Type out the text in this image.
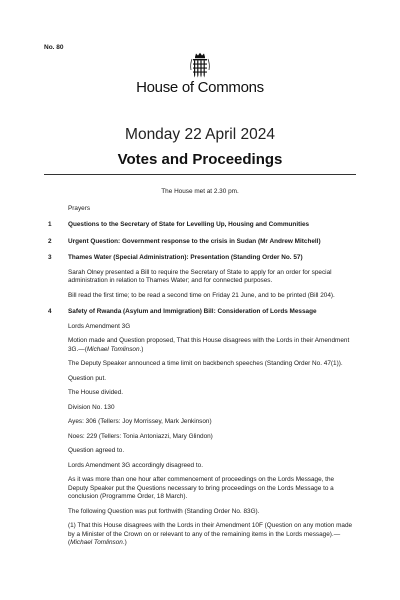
No. 80
House of Commons
Monday 22 April 2024
Votes and Proceedings

The House met at 2.30 pm.

Prayers

1	Questions to the Secretary of State for Levelling Up, Housing and Communities

2	Urgent Question: Government response to the crisis in Sudan (Mr Andrew Mitchell)

3	Thames Water (Special Administration): Presentation (Standing Order No. 57)

Sarah Olney presented a Bill to require the Secretary of State to apply for an order for special administration in relation to Thames Water; and for connected purposes.

Bill read the first time; to be read a second time on Friday 21 June, and to be printed (Bill 204).

4	Safety of Rwanda (Asylum and Immigration) Bill: Consideration of Lords Message

Lords Amendment 3G

Motion made and Question proposed, That this House disagrees with the Lords in their Amendment 3G.—(Michael Tomlinson.)

The Deputy Speaker announced a time limit on backbench speeches (Standing Order No. 47(1)).

Question put.

The House divided.

Division No. 130

Ayes: 306 (Tellers: Joy Morrissey, Mark Jenkinson)

Noes: 229 (Tellers: Tonia Antoniazzi, Mary Glindon)

Question agreed to.

Lords Amendment 3G accordingly disagreed to.

As it was more than one hour after commencement of proceedings on the Lords Message, the Deputy Speaker put the Questions necessary to bring proceedings on the Lords Message to a conclusion (Programme Order, 18 March).

The following Question was put forthwith (Standing Order No. 83G).

(1) That this House disagrees with the Lords in their Amendment 10F (Question on any motion made by a Minister of the Crown on or relevant to any of the remaining items in the Lords message).—(Michael Tomlinson.)
